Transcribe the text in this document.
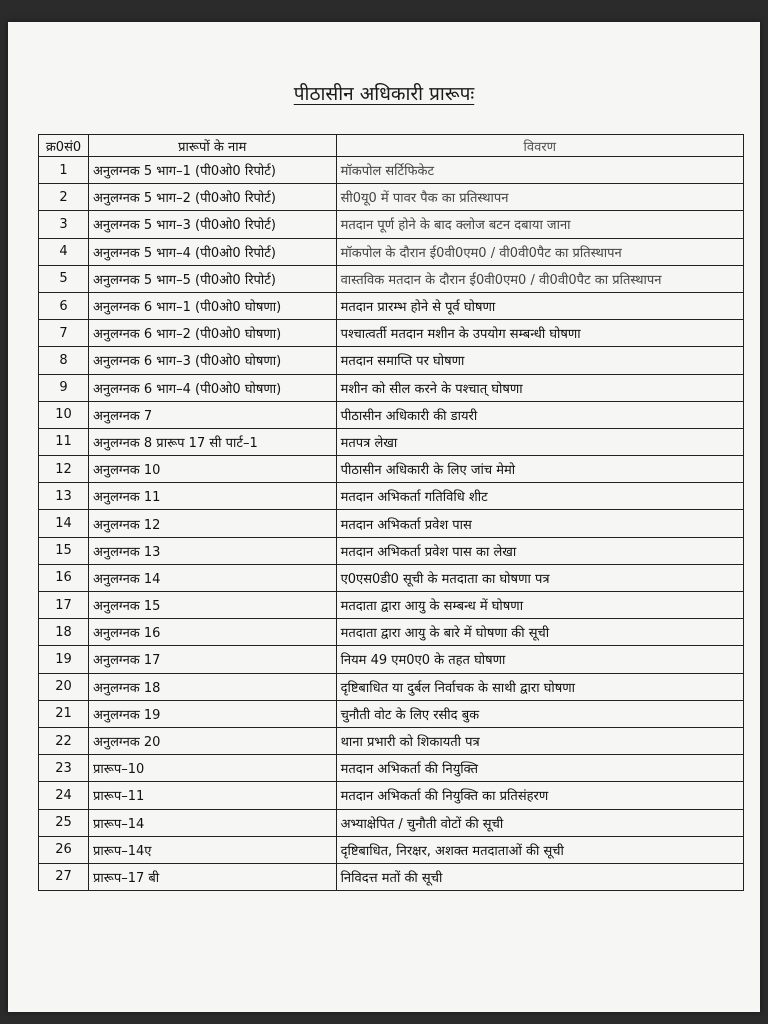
पीठासीन अधिकारी प्रारूपः
क्र0सं0	प्रारूपों के नाम	विवरण
1	अनुलग्नक 5 भाग–1 (पी0ओ0 रिपोर्ट)	मॉकपोल सर्टिफिकेट
2	अनुलग्नक 5 भाग–2 (पी0ओ0 रिपोर्ट)	सी0यू0 में पावर पैक का प्रतिस्थापन
3	अनुलग्नक 5 भाग–3 (पी0ओ0 रिपोर्ट)	मतदान पूर्ण होने के बाद क्लोज बटन दबाया जाना
4	अनुलग्नक 5 भाग–4 (पी0ओ0 रिपोर्ट)	मॉकपोल के दौरान ई0वी0एम0 / वी0वी0पैट का प्रतिस्थापन
5	अनुलग्नक 5 भाग–5 (पी0ओ0 रिपोर्ट)	वास्तविक मतदान के दौरान ई0वी0एम0 / वी0वी0पैट का प्रतिस्थापन
6	अनुलग्नक 6 भाग–1 (पी0ओ0 घोषणा)	मतदान प्रारम्भ होने से पूर्व घोषणा
7	अनुलग्नक 6 भाग–2 (पी0ओ0 घोषणा)	पश्चात्वर्ती मतदान मशीन के उपयोग सम्बन्धी घोषणा
8	अनुलग्नक 6 भाग–3 (पी0ओ0 घोषणा)	मतदान समाप्ति पर घोषणा
9	अनुलग्नक 6 भाग–4 (पी0ओ0 घोषणा)	मशीन को सील करने के पश्चात् घोषणा
10	अनुलग्नक 7	पीठासीन अधिकारी की डायरी
11	अनुलग्नक 8 प्रारूप 17 सी पार्ट–1	मतपत्र लेखा
12	अनुलग्नक 10	पीठासीन अधिकारी के लिए जांच मेमो
13	अनुलग्नक 11	मतदान अभिकर्ता गतिविधि शीट
14	अनुलग्नक 12	मतदान अभिकर्ता प्रवेश पास
15	अनुलग्नक 13	मतदान अभिकर्ता प्रवेश पास का लेखा
16	अनुलग्नक 14	ए0एस0डी0 सूची के मतदाता का घोषणा पत्र
17	अनुलग्नक 15	मतदाता द्वारा आयु के सम्बन्ध में घोषणा
18	अनुलग्नक 16	मतदाता द्वारा आयु के बारे में घोषणा की सूची
19	अनुलग्नक 17	नियम 49 एम0ए0 के तहत घोषणा
20	अनुलग्नक 18	दृष्टिबाधित या दुर्बल निर्वाचक के साथी द्वारा घोषणा
21	अनुलग्नक 19	चुनौती वोट के लिए रसीद बुक
22	अनुलग्नक 20	थाना प्रभारी को शिकायती पत्र
23	प्रारूप–10	मतदान अभिकर्ता की नियुक्ति
24	प्रारूप–11	मतदान अभिकर्ता की नियुक्ति का प्रतिसंहरण
25	प्रारूप–14	अभ्याक्षेपित / चुनौती वोटों की सूची
26	प्रारूप–14ए	दृष्टिबाधित, निरक्षर, अशक्त मतदाताओं की सूची
27	प्रारूप–17 बी	निविदत्त मतों की सूची
